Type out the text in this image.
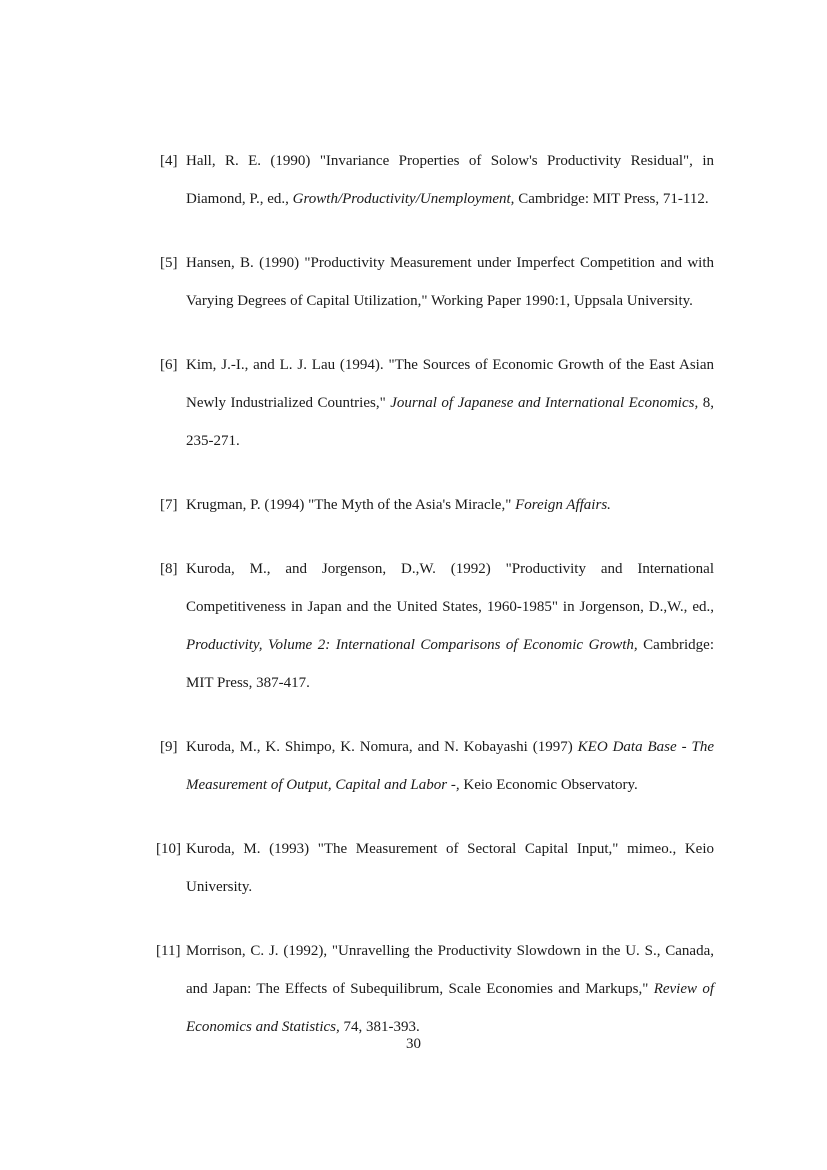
[4] Hall, R. E. (1990) "Invariance Properties of Solow's Productivity Residual", in Diamond, P., ed., Growth/Productivity/Unemployment, Cambridge: MIT Press, 71-112.
[5] Hansen, B. (1990) "Productivity Measurement under Imperfect Competition and with Varying Degrees of Capital Utilization," Working Paper 1990:1, Uppsala University.
[6] Kim, J.-I., and L. J. Lau (1994). "The Sources of Economic Growth of the East Asian Newly Industrialized Countries," Journal of Japanese and International Economics, 8, 235-271.
[7] Krugman, P. (1994) "The Myth of the Asia's Miracle," Foreign Affairs.
[8] Kuroda, M., and Jorgenson, D.,W. (1992) "Productivity and International Competitiveness in Japan and the United States, 1960-1985" in Jorgenson, D.,W., ed., Productivity, Volume 2: International Comparisons of Economic Growth, Cambridge: MIT Press, 387-417.
[9] Kuroda, M., K. Shimpo, K. Nomura, and N. Kobayashi (1997) KEO Data Base - The Measurement of Output, Capital and Labor -, Keio Economic Observatory.
[10] Kuroda, M. (1993) "The Measurement of Sectoral Capital Input," mimeo., Keio University.
[11] Morrison, C. J. (1992), "Unravelling the Productivity Slowdown in the U. S., Canada, and Japan: The Effects of Subequilibrum, Scale Economies and Markups," Review of Economics and Statistics, 74, 381-393.
30
